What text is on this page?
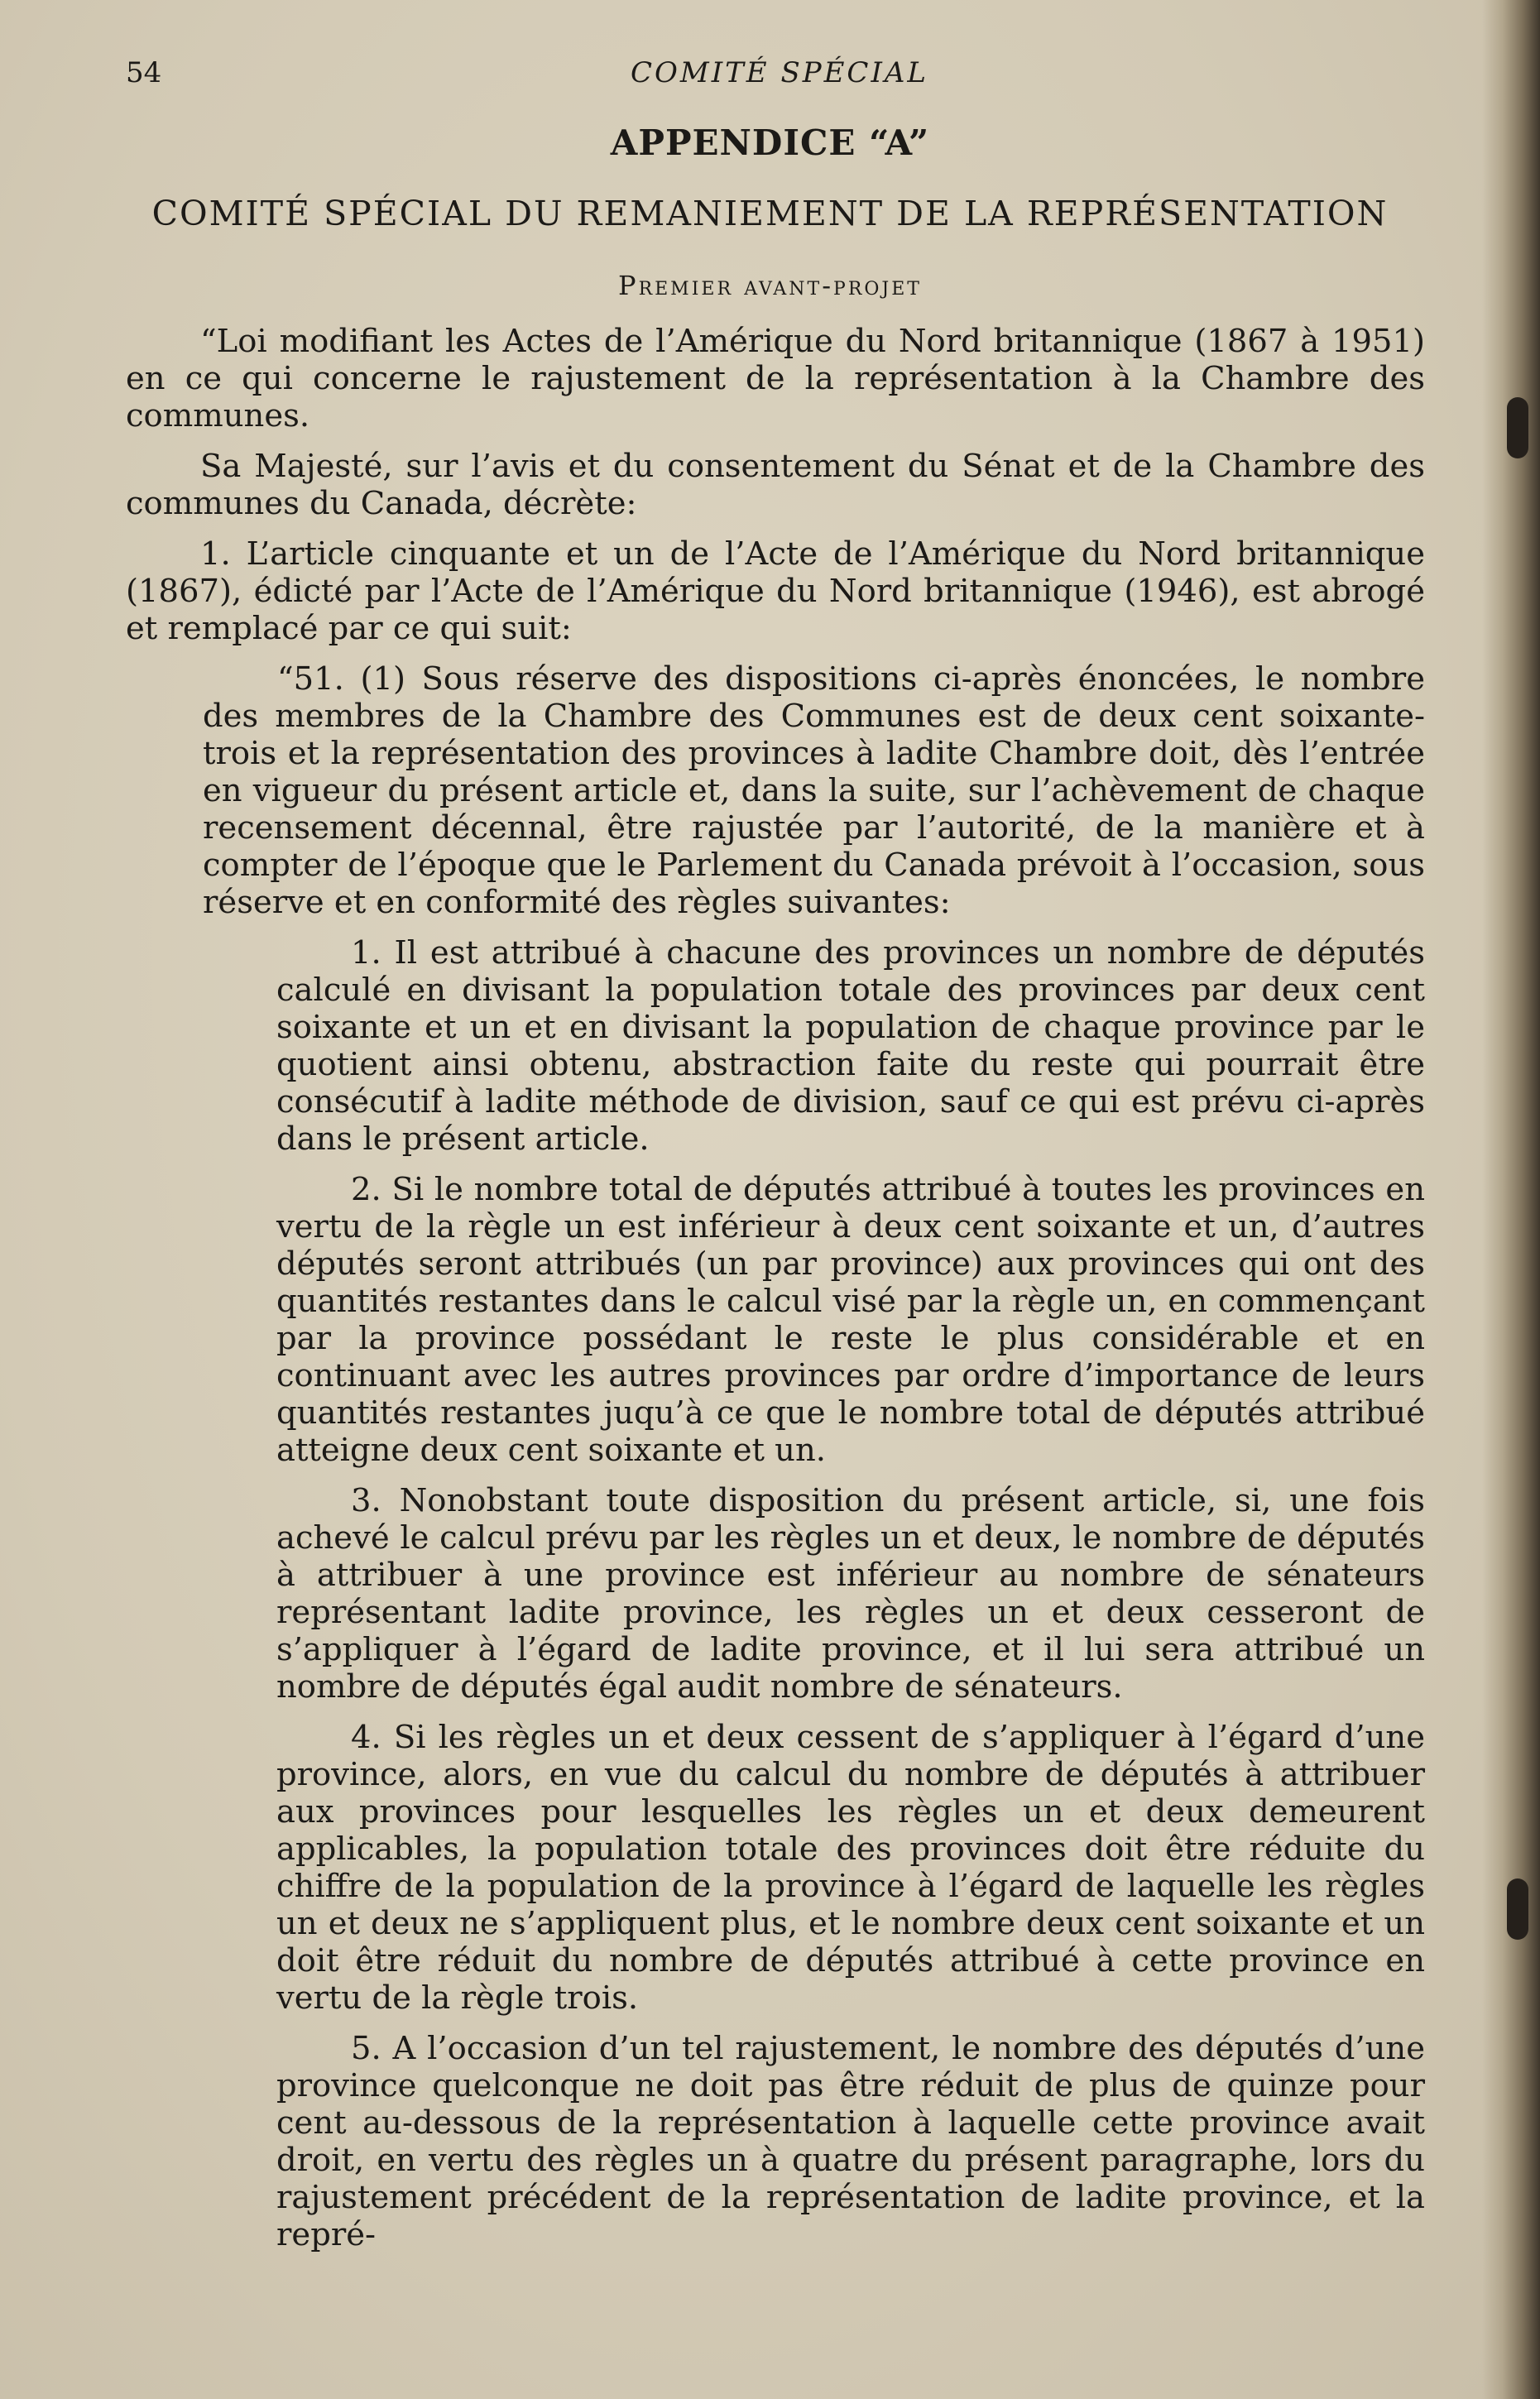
54	COMITÉ SPÉCIAL
APPENDICE “A”
COMITÉ SPÉCIAL DU REMANIEMENT DE LA REPRÉSENTATION
Premier avant-projet

“Loi modifiant les Actes de l’Amérique du Nord britannique (1867 à 1951) en ce qui concerne le rajustement de la représentation à la Chambre des communes.

Sa Majesté, sur l’avis et du consentement du Sénat et de la Chambre des communes du Canada, décrète:

1. L’article cinquante et un de l’Acte de l’Amérique du Nord britannique (1867), édicté par l’Acte de l’Amérique du Nord britannique (1946), est abrogé et remplacé par ce qui suit:

“51. (1) Sous réserve des dispositions ci-après énoncées, le nombre des membres de la Chambre des Communes est de deux cent soixante-trois et la représentation des provinces à ladite Chambre doit, dès l’entrée en vigueur du présent article et, dans la suite, sur l’achèvement de chaque recensement décennal, être rajustée par l’autorité, de la manière et à compter de l’époque que le Parlement du Canada prévoit à l’occasion, sous réserve et en conformité des règles suivantes:

1. Il est attribué à chacune des provinces un nombre de députés calculé en divisant la population totale des provinces par deux cent soixante et un et en divisant la population de chaque province par le quotient ainsi obtenu, abstraction faite du reste qui pourrait être consécutif à ladite méthode de division, sauf ce qui est prévu ci-après dans le présent article.

2. Si le nombre total de députés attribué à toutes les provinces en vertu de la règle un est inférieur à deux cent soixante et un, d’autres députés seront attribués (un par province) aux provinces qui ont des quantités restantes dans le calcul visé par la règle un, en commençant par la province possédant le reste le plus considérable et en continuant avec les autres provinces par ordre d’importance de leurs quantités restantes juqu’à ce que le nombre total de députés attribué atteigne deux cent soixante et un.

3. Nonobstant toute disposition du présent article, si, une fois achevé le calcul prévu par les règles un et deux, le nombre de députés à attribuer à une province est inférieur au nombre de sénateurs représentant ladite province, les règles un et deux cesseront de s’appliquer à l’égard de ladite province, et il lui sera attribué un nombre de députés égal audit nombre de sénateurs.

4. Si les règles un et deux cessent de s’appliquer à l’égard d’une province, alors, en vue du calcul du nombre de députés à attribuer aux provinces pour lesquelles les règles un et deux demeurent applicables, la population totale des provinces doit être réduite du chiffre de la population de la province à l’égard de laquelle les règles un et deux ne s’appliquent plus, et le nombre deux cent soixante et un doit être réduit du nombre de députés attribué à cette province en vertu de la règle trois.

5. A l’occasion d’un tel rajustement, le nombre des députés d’une province quelconque ne doit pas être réduit de plus de quinze pour cent au-dessous de la représentation à laquelle cette province avait droit, en vertu des règles un à quatre du présent paragraphe, lors du rajustement précédent de la représentation de ladite province, et la repré-
